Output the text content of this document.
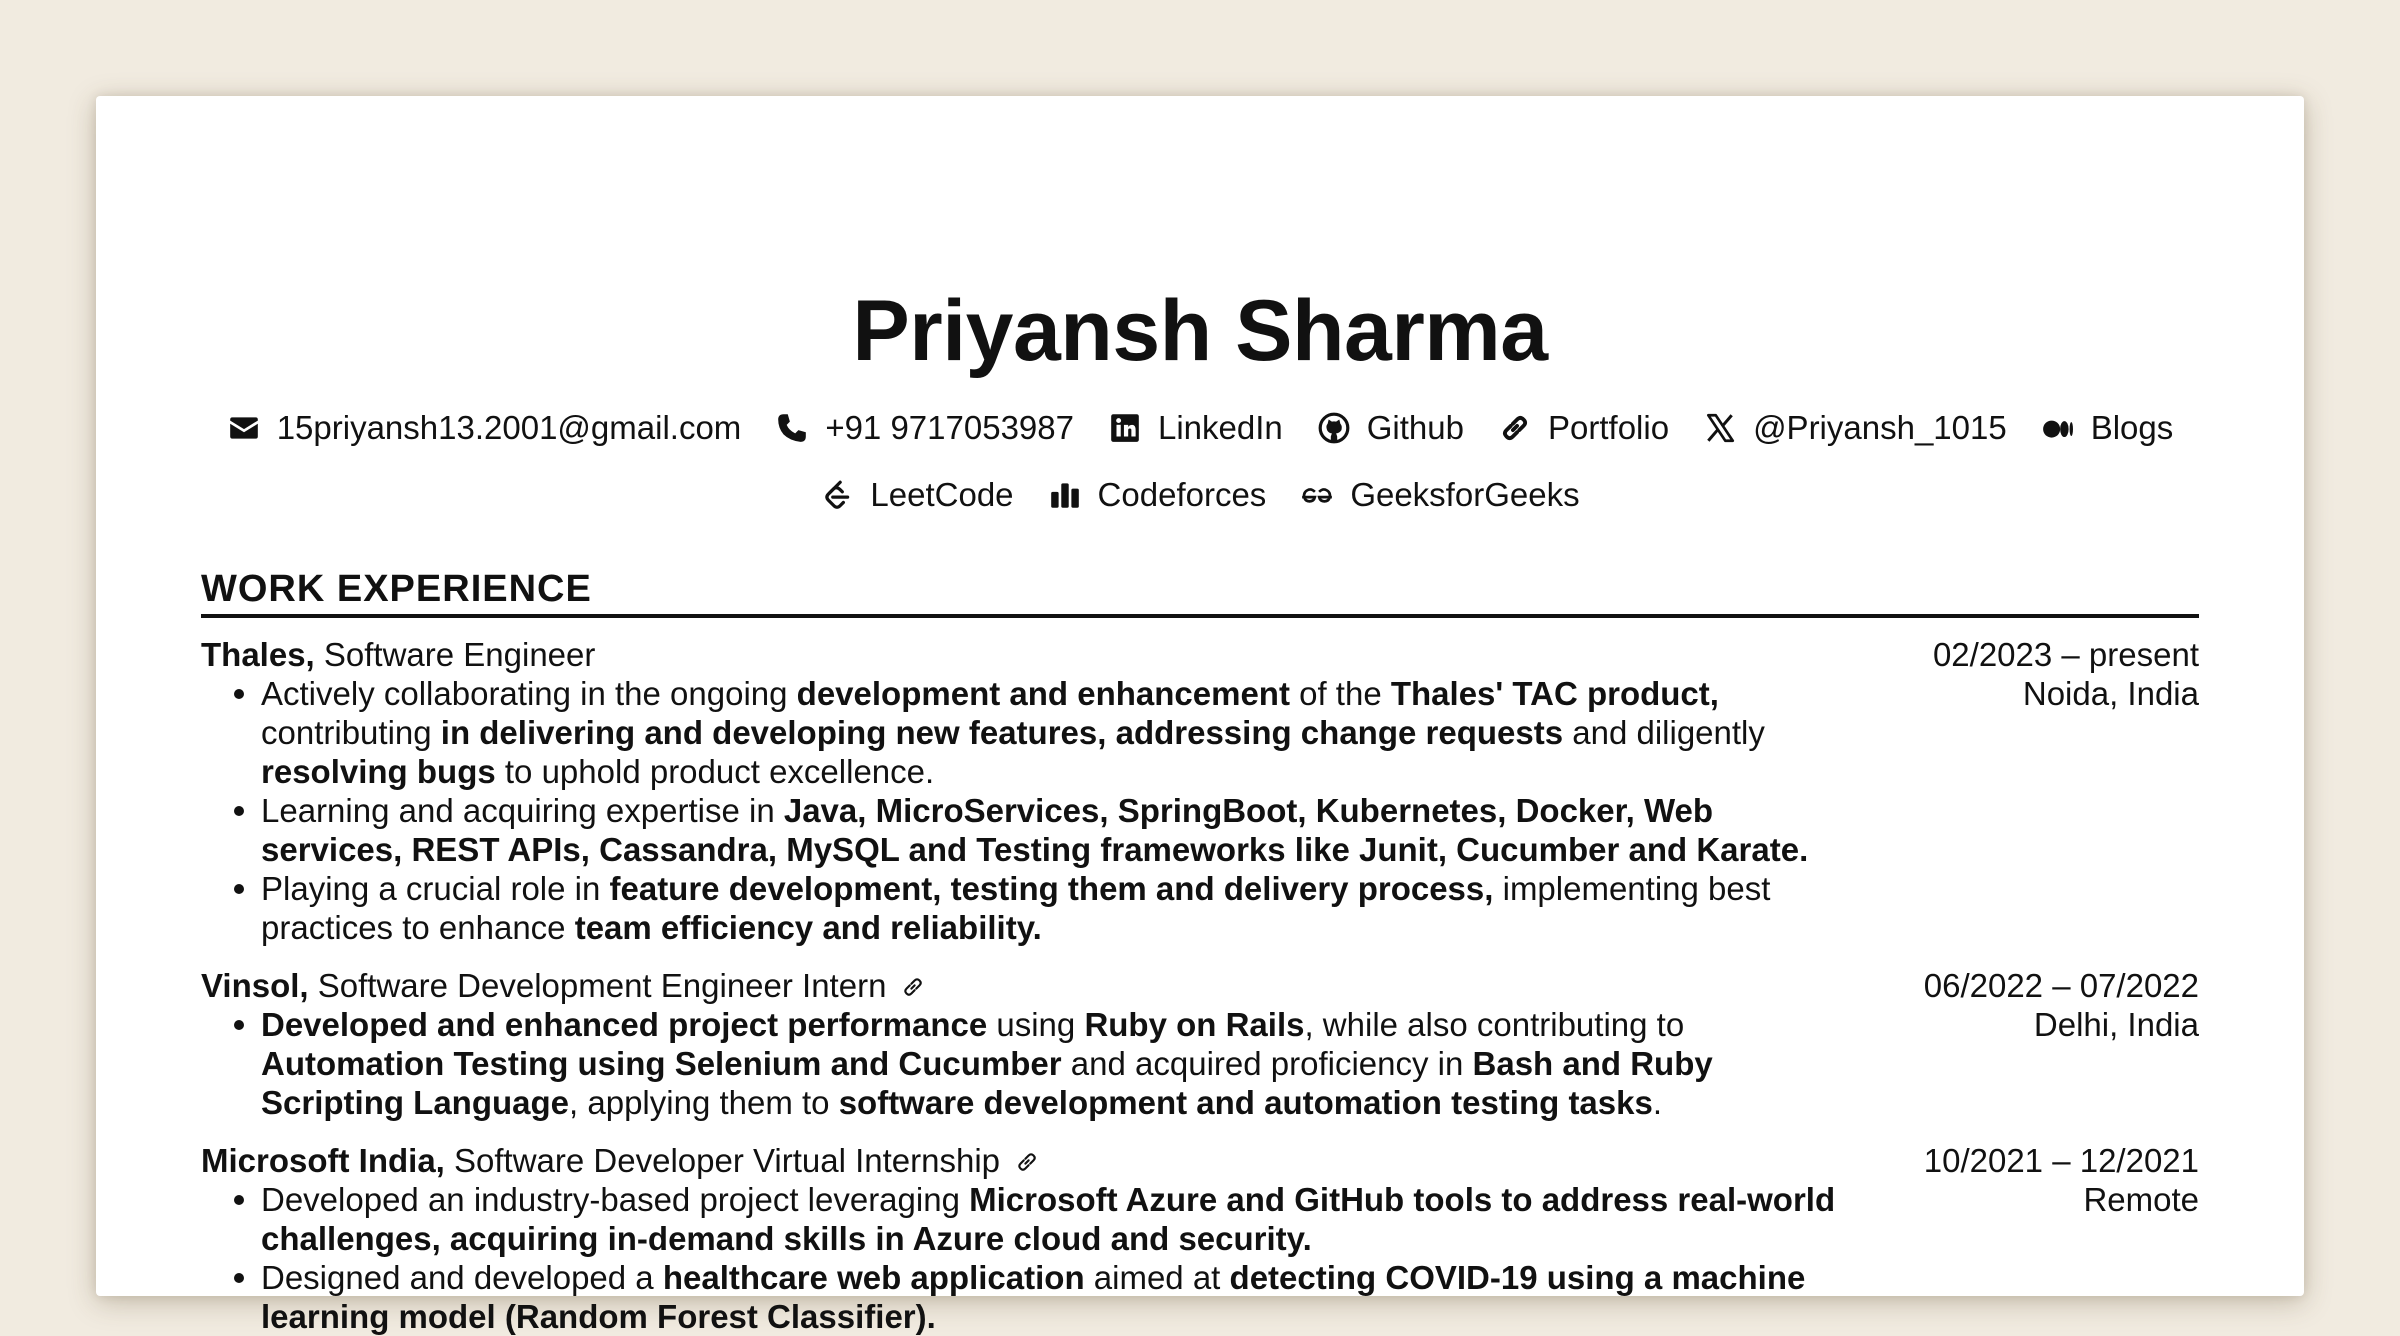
Priyansh Sharma
15priyansh13.2001@gmail.com	+91 9717053987	LinkedIn	Github	Portfolio	@Priyansh_1015	Blogs
LeetCode	Codeforces	GeeksforGeeks
WORK EXPERIENCE
Thales, Software Engineer	02/2023 – present
Noida, India
Actively collaborating in the ongoing development and enhancement of the Thales' TAC product, contributing in delivering and developing new features, addressing change requests and diligently resolving bugs to uphold product excellence.
Learning and acquiring expertise in Java, MicroServices, SpringBoot, Kubernetes, Docker, Web services, REST APIs, Cassandra, MySQL and Testing frameworks like Junit, Cucumber and Karate.
Playing a crucial role in feature development, testing them and delivery process, implementing best practices to enhance team efficiency and reliability.
Vinsol, Software Development Engineer Intern	06/2022 – 07/2022
Delhi, India
Developed and enhanced project performance using Ruby on Rails, while also contributing to Automation Testing using Selenium and Cucumber and acquired proficiency in Bash and Ruby Scripting Language, applying them to software development and automation testing tasks.
Microsoft India, Software Developer Virtual Internship	10/2021 – 12/2021
Remote
Developed an industry-based project leveraging Microsoft Azure and GitHub tools to address real-world challenges, acquiring in-demand skills in Azure cloud and security.
Designed and developed a healthcare web application aimed at detecting COVID-19 using a machine learning model (Random Forest Classifier).
